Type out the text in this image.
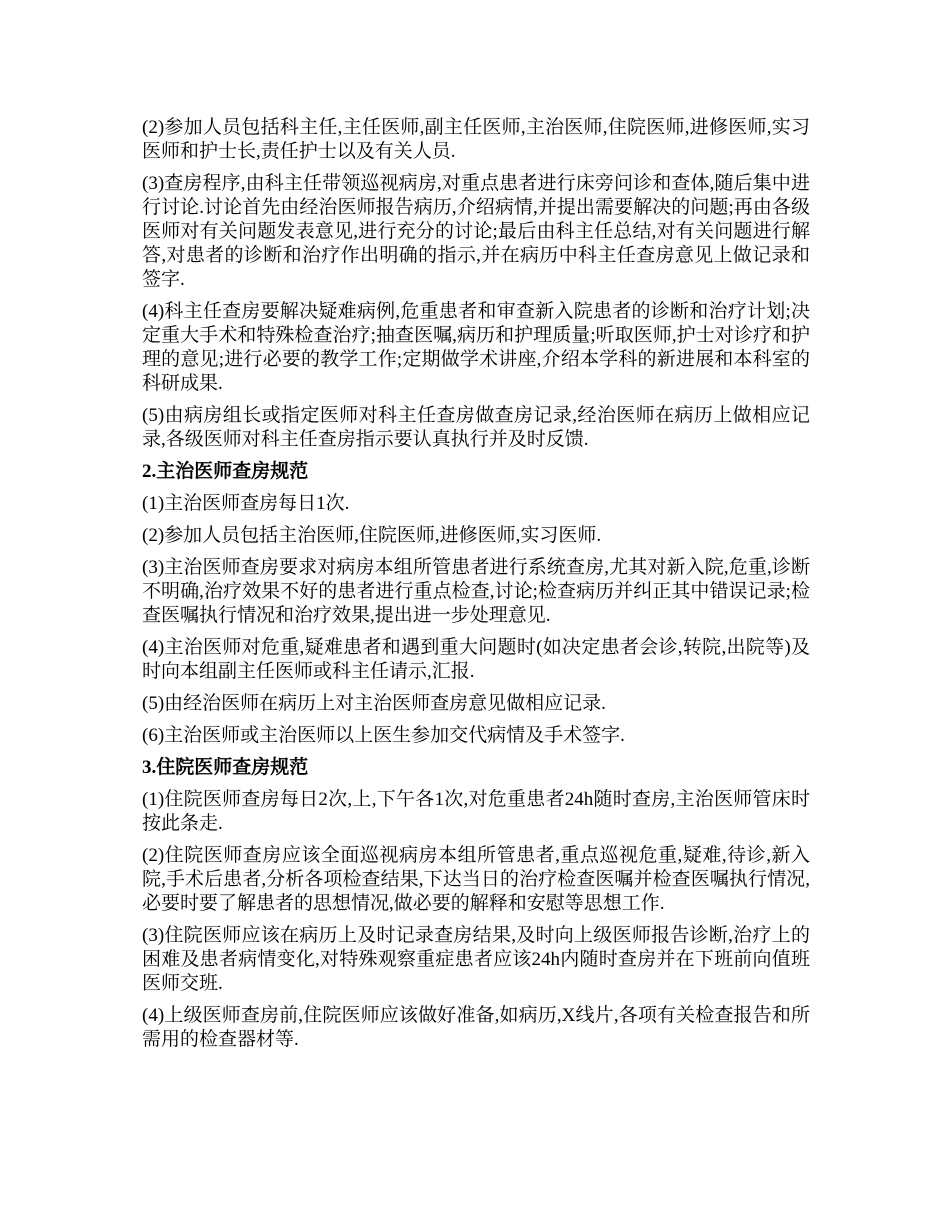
(2)参加人员包括科主任,主任医师,副主任医师,主治医师,住院医师,进修医师,实习医师和护士长,责任护士以及有关人员.

(3)查房程序,由科主任带领巡视病房,对重点患者进行床旁问诊和查体,随后集中进行讨论.讨论首先由经治医师报告病历,介绍病情,并提出需要解决的问题;再由各级医师对有关问题发表意见,进行充分的讨论;最后由科主任总结,对有关问题进行解答,对患者的诊断和治疗作出明确的指示,并在病历中科主任查房意见上做记录和签字.

(4)科主任查房要解决疑难病例,危重患者和审查新入院患者的诊断和治疗计划;决定重大手术和特殊检查治疗;抽查医嘱,病历和护理质量;听取医师,护士对诊疗和护理的意见;进行必要的教学工作;定期做学术讲座,介绍本学科的新进展和本科室的科研成果.

(5)由病房组长或指定医师对科主任查房做查房记录,经治医师在病历上做相应记录,各级医师对科主任查房指示要认真执行并及时反馈.

2.主治医师查房规范

(1)主治医师查房每日1次.

(2)参加人员包括主治医师,住院医师,进修医师,实习医师.

(3)主治医师查房要求对病房本组所管患者进行系统查房,尤其对新入院,危重,诊断不明确,治疗效果不好的患者进行重点检查,讨论;检查病历并纠正其中错误记录;检查医嘱执行情况和治疗效果,提出进一步处理意见.

(4)主治医师对危重,疑难患者和遇到重大问题时(如决定患者会诊,转院,出院等)及时向本组副主任医师或科主任请示,汇报.

(5)由经治医师在病历上对主治医师查房意见做相应记录.

(6)主治医师或主治医师以上医生参加交代病情及手术签字.

3.住院医师查房规范

(1)住院医师查房每日2次,上,下午各1次,对危重患者24h随时查房,主治医师管床时按此条走.

(2)住院医师查房应该全面巡视病房本组所管患者,重点巡视危重,疑难,待诊,新入院,手术后患者,分析各项检查结果,下达当日的治疗检查医嘱并检查医嘱执行情况,必要时要了解患者的思想情况,做必要的解释和安慰等思想工作.

(3)住院医师应该在病历上及时记录查房结果,及时向上级医师报告诊断,治疗上的困难及患者病情变化,对特殊观察重症患者应该24h内随时查房并在下班前向值班医师交班.

(4)上级医师查房前,住院医师应该做好准备,如病历,X线片,各项有关检查报告和所需用的检查器材等.
